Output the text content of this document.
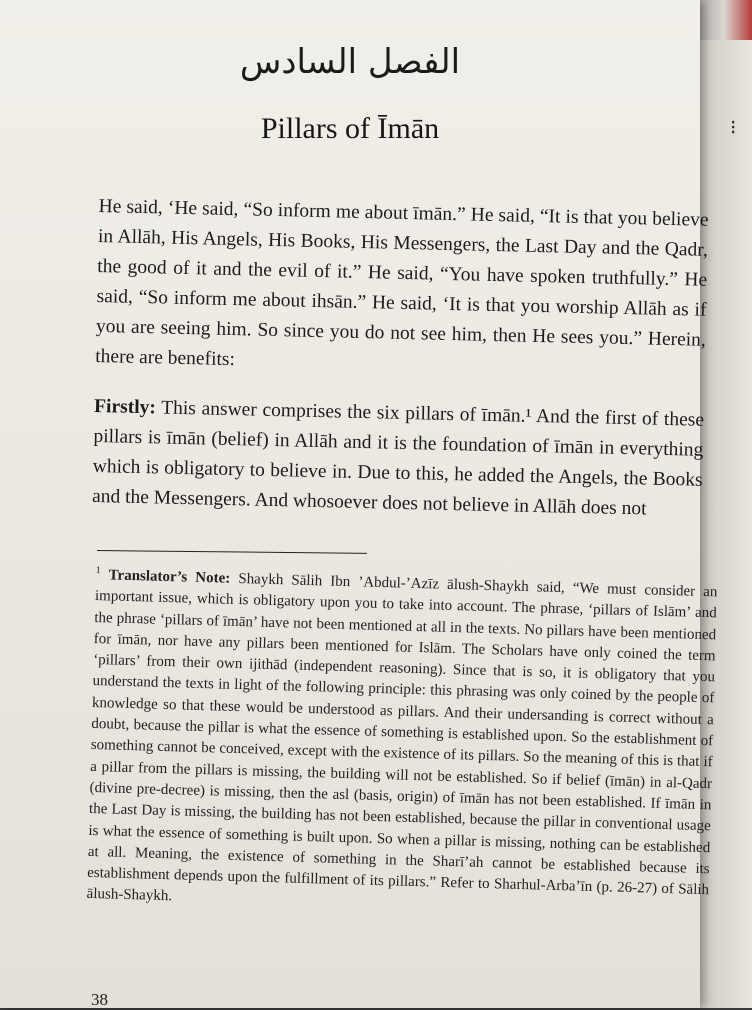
⁝
الفصل السادس
Pillars of Īmān

He said, ‘He said, “So inform me about īmān.” He said, “It is that you believe in Allāh, His Angels, His Books, His Messengers, the Last Day and the Qadr, the good of it and the evil of it.” He said, “You have spoken truthfully.” He said, “So inform me about ihsān.” He said, ‘It is that you worship Allāh as if you are seeing him. So since you do not see him, then He sees you.” Herein, there are benefits:

Firstly: This answer comprises the six pillars of īmān.¹ And the first of these pillars is īmān (belief) in Allāh and it is the foundation of īmān in everything which is obligatory to believe in. Due to this, he added the Angels, the Books and the Messengers. And whosoever does not believe in Allāh does not

$^1$ Translator’s Note: Shaykh Sālih Ibn ’Abdul-’Azīz ālush-Shaykh said, “We must consider an important issue, which is obligatory upon you to take into account. The phrase, ‘pillars of Islām’ and the phrase ‘pillars of īmān’ have not been mentioned at all in the texts. No pillars have been mentioned for īmān, nor have any pillars been mentioned for Islām. The Scholars have only coined the term ‘pillars’ from their own ijithād (independent reasoning). Since that is so, it is obligatory that you understand the texts in light of the following principle: this phrasing was only coined by the people of knowledge so that these would be understood as pillars. And their undersanding is correct without a doubt, because the pillar is what the essence of something is established upon. So the establishment of something cannot be conceived, except with the existence of its pillars. So the meaning of this is that if a pillar from the pillars is missing, the building will not be established. So if belief (īmān) in al-Qadr (divine pre-decree) is missing, then the asl (basis, origin) of īmān has not been established. If īmān in the Last Day is missing, the building has not been established, because the pillar in conventional usage is what the essence of something is built upon. So when a pillar is missing, nothing can be established at all. Meaning, the existence of something in the Sharī’ah cannot be established because its establishment depends upon the fulfillment of its pillars.” Refer to Sharhul-Arba’īn (p. 26-27) of Sālih ālush-Shaykh.
38
